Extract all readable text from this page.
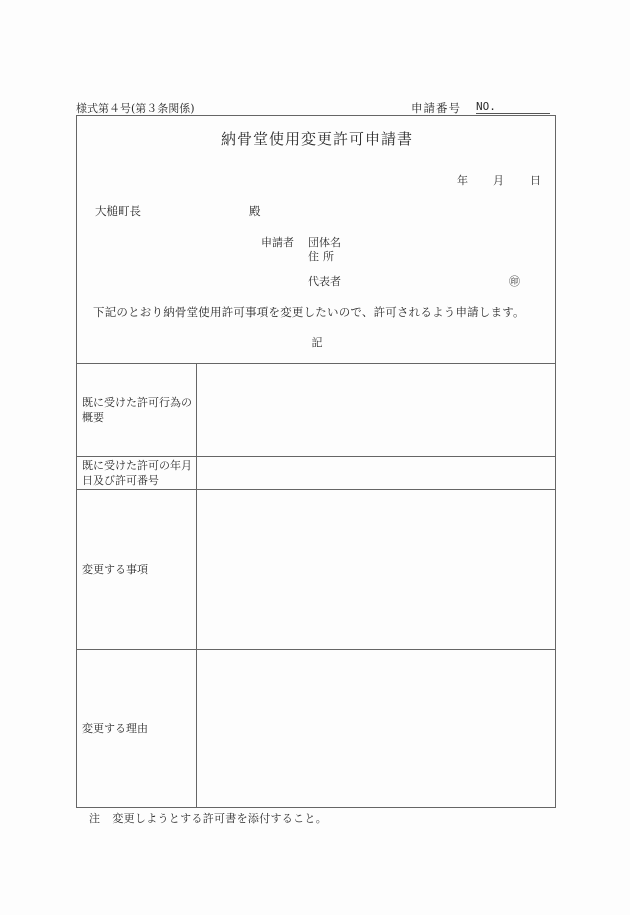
様式第４号(第３条関係)	申請番号 NO.
納骨堂使用変更許可申請書
年 月 日
大槌町長	殿
申請者 団体名
住所
代表者	㊞
下記のとおり納骨堂使用許可事項を変更したいので、許可されるよう申請します。
記
既に受けた許可行為の概要
既に受けた許可の年月日及び許可番号
変更する事項
変更する理由
注 変更しようとする許可書を添付すること。
